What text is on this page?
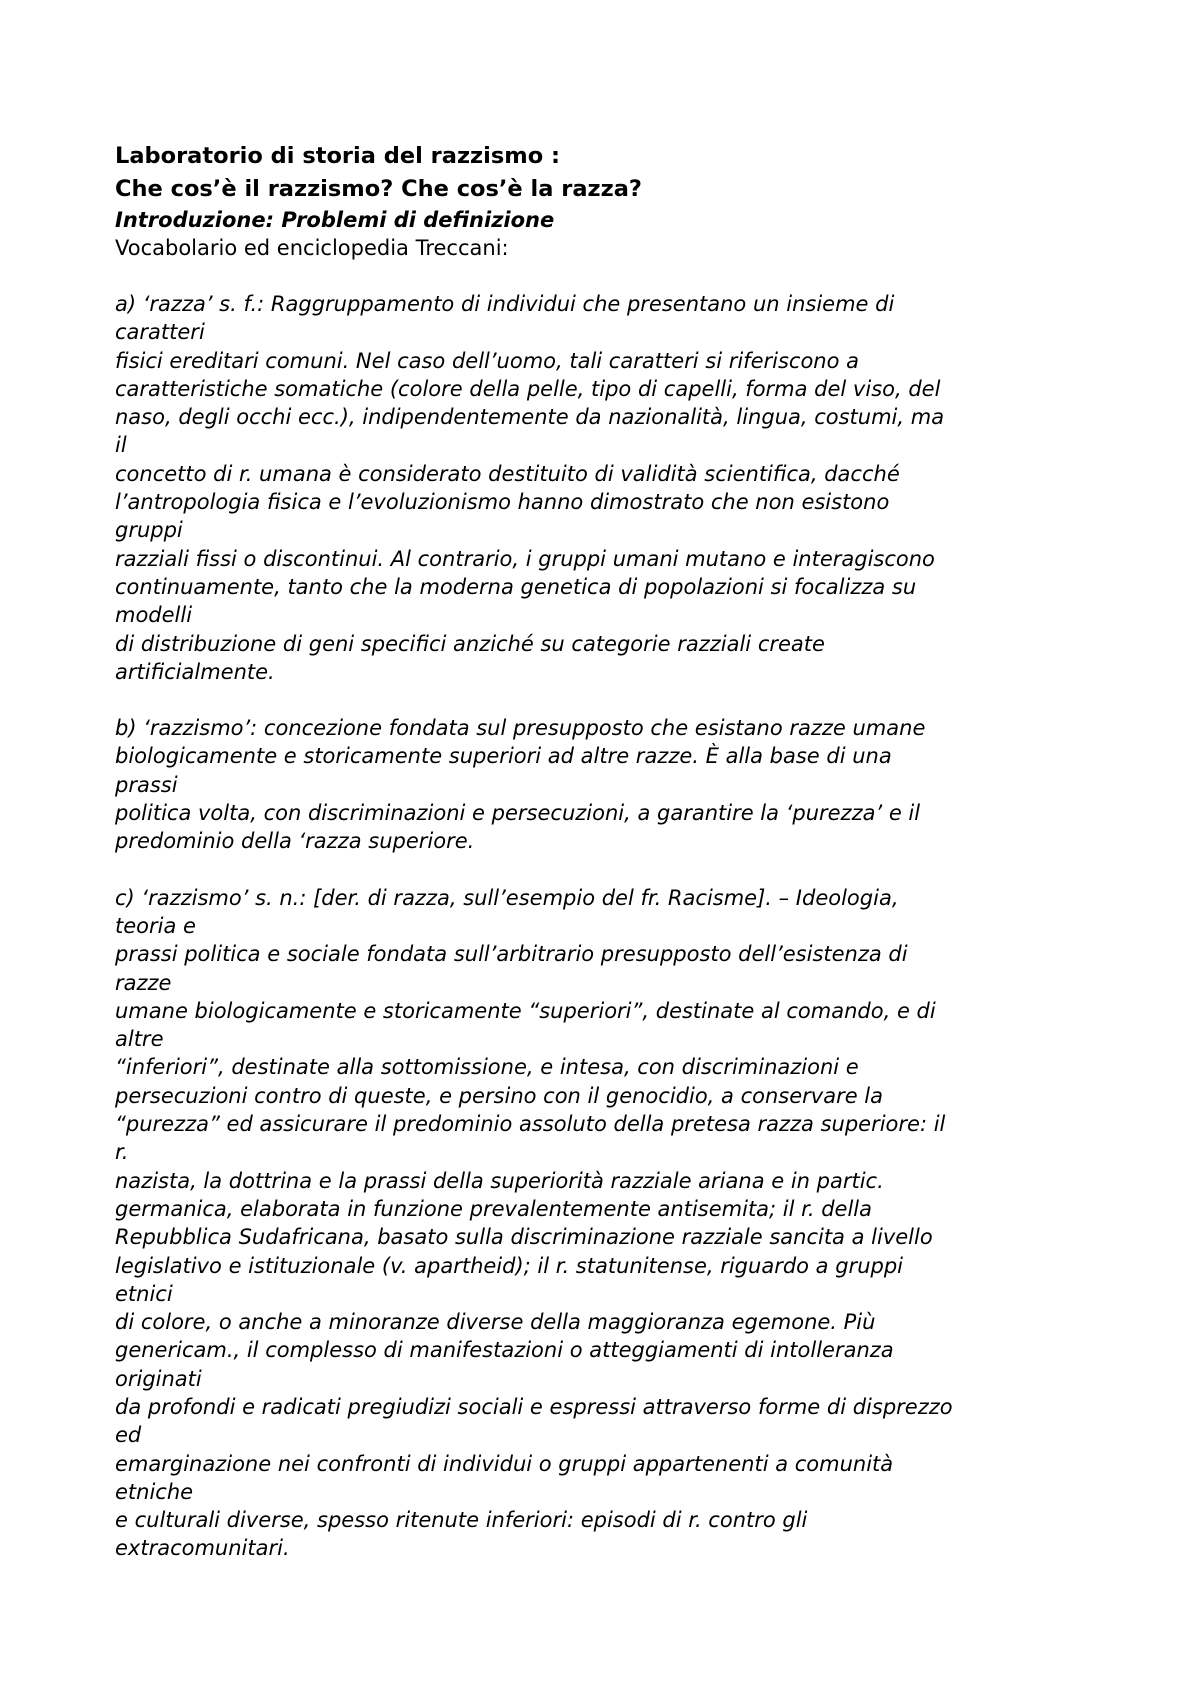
Laboratorio di storia del razzismo :
Che cos’è il razzismo? Che cos’è la razza?
Introduzione: Problemi di definizione
Vocabolario ed enciclopedia Treccani:
a) ‘razza’ s. f.: Raggruppamento di individui che presentano un insieme di
caratteri
fisici ereditari comuni. Nel caso dell’uomo, tali caratteri si riferiscono a
caratteristiche somatiche (colore della pelle, tipo di capelli, forma del viso, del
naso, degli occhi ecc.), indipendentemente da nazionalità, lingua, costumi, ma
il
concetto di r. umana è considerato destituito di validità scientifica, dacché
l’antropologia fisica e l’evoluzionismo hanno dimostrato che non esistono
gruppi
razziali fissi o discontinui. Al contrario, i gruppi umani mutano e interagiscono
continuamente, tanto che la moderna genetica di popolazioni si focalizza su
modelli
di distribuzione di geni specifici anziché su categorie razziali create
artificialmente.
b) ‘razzismo’: concezione fondata sul presupposto che esistano razze umane
biologicamente e storicamente superiori ad altre razze. È alla base di una
prassi
politica volta, con discriminazioni e persecuzioni, a garantire la ‘purezza’ e il
predominio della ‘razza superiore.
c) ‘razzismo’ s. n.: [der. di razza, sull’esempio del fr. Racisme]. – Ideologia,
teoria e
prassi politica e sociale fondata sull’arbitrario presupposto dell’esistenza di
razze
umane biologicamente e storicamente “superiori”, destinate al comando, e di
altre
“inferiori”, destinate alla sottomissione, e intesa, con discriminazioni e
persecuzioni contro di queste, e persino con il genocidio, a conservare la
“purezza” ed assicurare il predominio assoluto della pretesa razza superiore: il
r.
nazista, la dottrina e la prassi della superiorità razziale ariana e in partic.
germanica, elaborata in funzione prevalentemente antisemita; il r. della
Repubblica Sudafricana, basato sulla discriminazione razziale sancita a livello
legislativo e istituzionale (v. apartheid); il r. statunitense, riguardo a gruppi
etnici
di colore, o anche a minoranze diverse della maggioranza egemone. Più
genericam., il complesso di manifestazioni o atteggiamenti di intolleranza
originati
da profondi e radicati pregiudizi sociali e espressi attraverso forme di disprezzo
ed
emarginazione nei confronti di individui o gruppi appartenenti a comunità
etniche
e culturali diverse, spesso ritenute inferiori: episodi di r. contro gli
extracomunitari.
